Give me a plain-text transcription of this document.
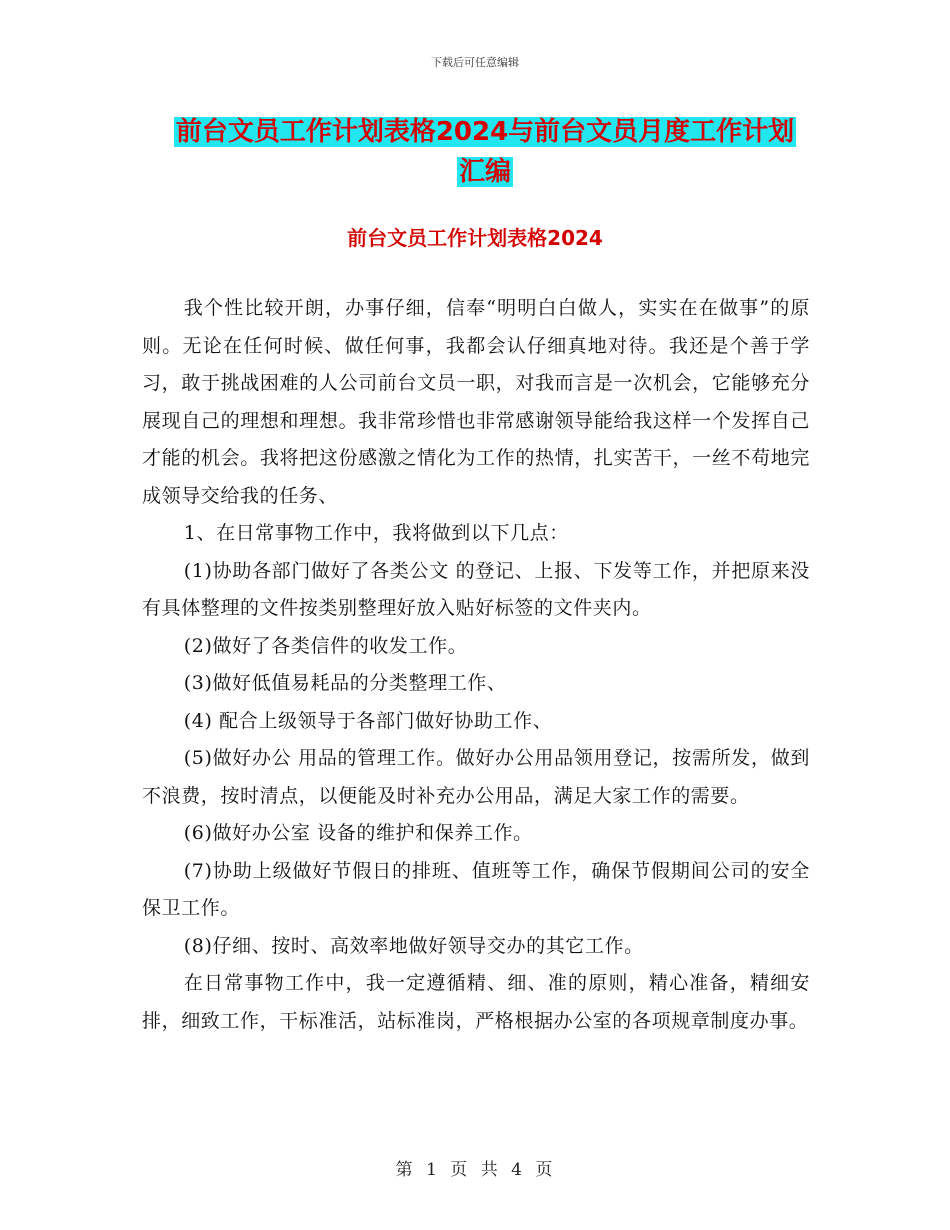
下载后可任意编辑
前台文员工作计划表格2024与前台文员月度工作计划
汇编
前台文员工作计划表格2024

我个性比较开朗，办事仔细，信奉“明明白白做人，实实在在做事”的原则。无论在任何时候、做任何事，我都会认仔细真地对待。我还是个善于学习，敢于挑战困难的人公司前台文员一职，对我而言是一次机会，它能够充分展现自己的理想和理想。我非常珍惜也非常感谢领导能给我这样一个发挥自己才能的机会。我将把这份感激之情化为工作的热情，扎实苦干，一丝不苟地完成领导交给我的任务、

1、在日常事物工作中，我将做到以下几点：

(1)协助各部门做好了各类公文 的登记、上报、下发等工作，并把原来没有具体整理的文件按类别整理好放入贴好标签的文件夹内。

(2)做好了各类信件的收发工作。

(3)做好低值易耗品的分类整理工作、

(4) 配合上级领导于各部门做好协助工作、

(5)做好办公 用品的管理工作。做好办公用品领用登记，按需所发，做到不浪费，按时清点，以便能及时补充办公用品，满足大家工作的需要。

(6)做好办公室 设备的维护和保养工作。

(7)协助上级做好节假日的排班、值班等工作，确保节假期间公司的安全保卫工作。

(8)仔细、按时、高效率地做好领导交办的其它工作。

在日常事物工作中，我一定遵循精、细、准的原则，精心准备，精细安排，细致工作，干标准活，站标准岗，严格根据办公室的各项规章制度办事。

第 1 页 共 4 页
